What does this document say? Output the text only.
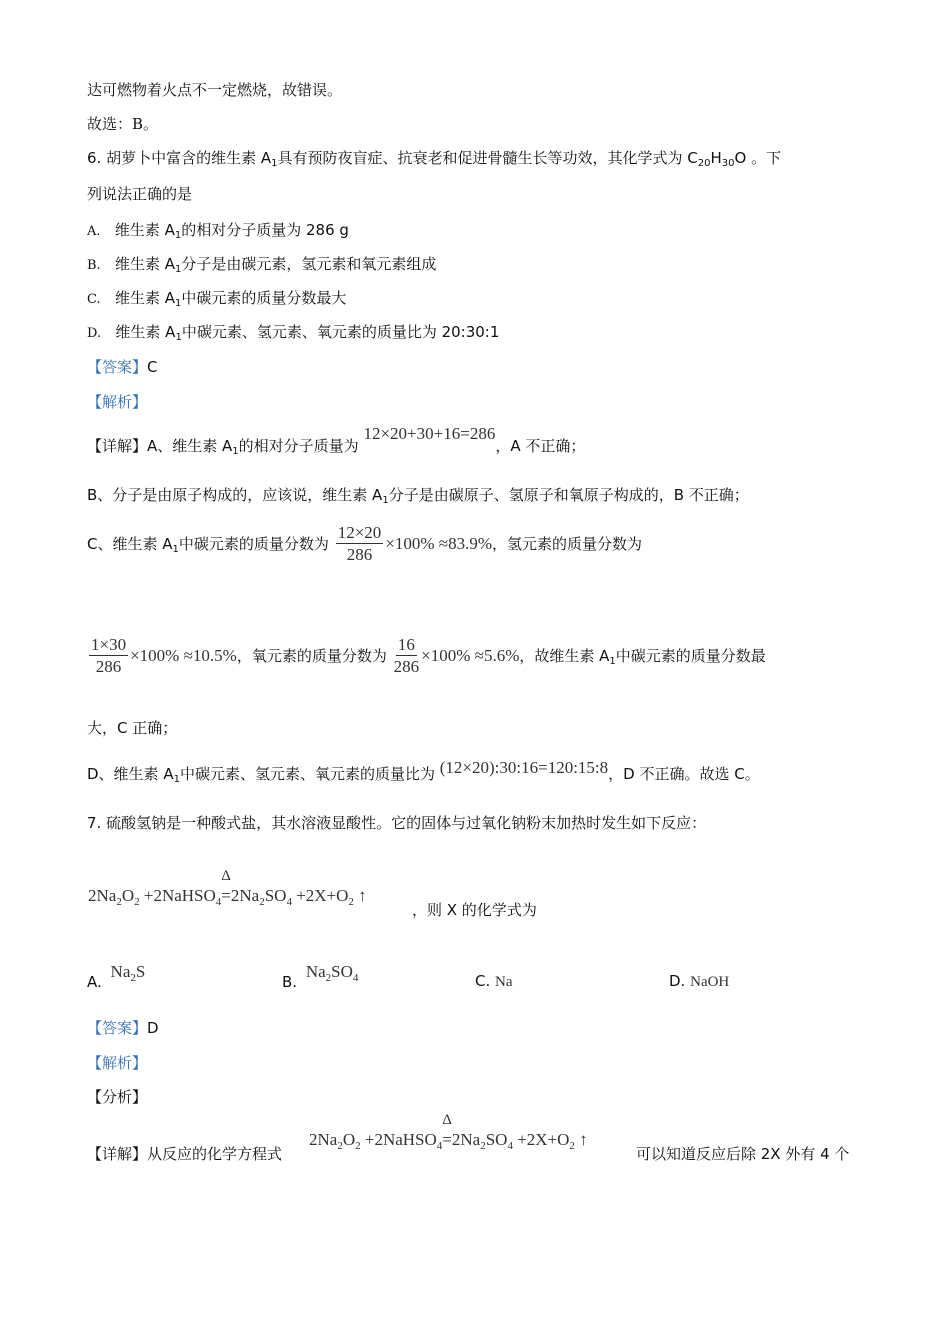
达可燃物着火点不一定燃烧，故错误。
故选：B。
6. 胡萝卜中富含的维生素 $A_1$具有预防夜盲症、抗衰老和促进骨髓生长等功效，其化学式为 $C_{20}H_{30}O$ 。下
列说法正确的是
A. 维生素 $A_1$的相对分子质量为 286 g
B. 维生素 $A_1$分子是由碳元素，氢元素和氧元素组成
C. 维生素 $A_1$中碳元素的质量分数最大
D. 维生素 $A_1$中碳元素、氢元素、氧元素的质量比为 20:30:1
【答案】C
【解析】
【详解】A、维生素 $A_1$的相对分子质量为 12×20+30+16=286，A 不正确；
B、分子是由原子构成的，应该说，维生素 $A_1$分子是由碳原子、氢原子和氧原子构成的，B 不正确；
C、维生素 $A_1$中碳元素的质量分数为 $\frac{12\times 20}{286} \times 100\% \approx 83.9\%$，氢元素的质量分数为
$\frac{1\times 30}{286} \times 100\% \approx 10.5\%$，氧元素的质量分数为 $\frac{16}{286} \times 100\% \approx 5.6\%$，故维生素 $A_1$中碳元素的质量分数最
大，C 正确；
D、维生素 $A_1$中碳元素、氢元素、氧元素的质量比为 (12×20):30:16=120:15:8，D 不正确。故选 C。
7. 硫酸氢钠是一种酸式盐，其水溶液显酸性。它的固体与过氧化钠粉末加热时发生如下反应：
$2Na_2O_2$ +2NaHSO$_4$
Δ
$=2Na_2SO_4 +2X+O_2$ ↑
，则 X 的化学式为
A. $Na_2S$
B. $Na_2SO_4$	C. Na	D. NaOH
【答案】D
【解析】
【分析】
【详解】从反应的化学方程式
$2Na_2O_2$ +2NaHSO$_4$
Δ
$=2Na_2SO_4 +2X+O_2$ ↑
可以知道反应后除 2X 外有 4 个
